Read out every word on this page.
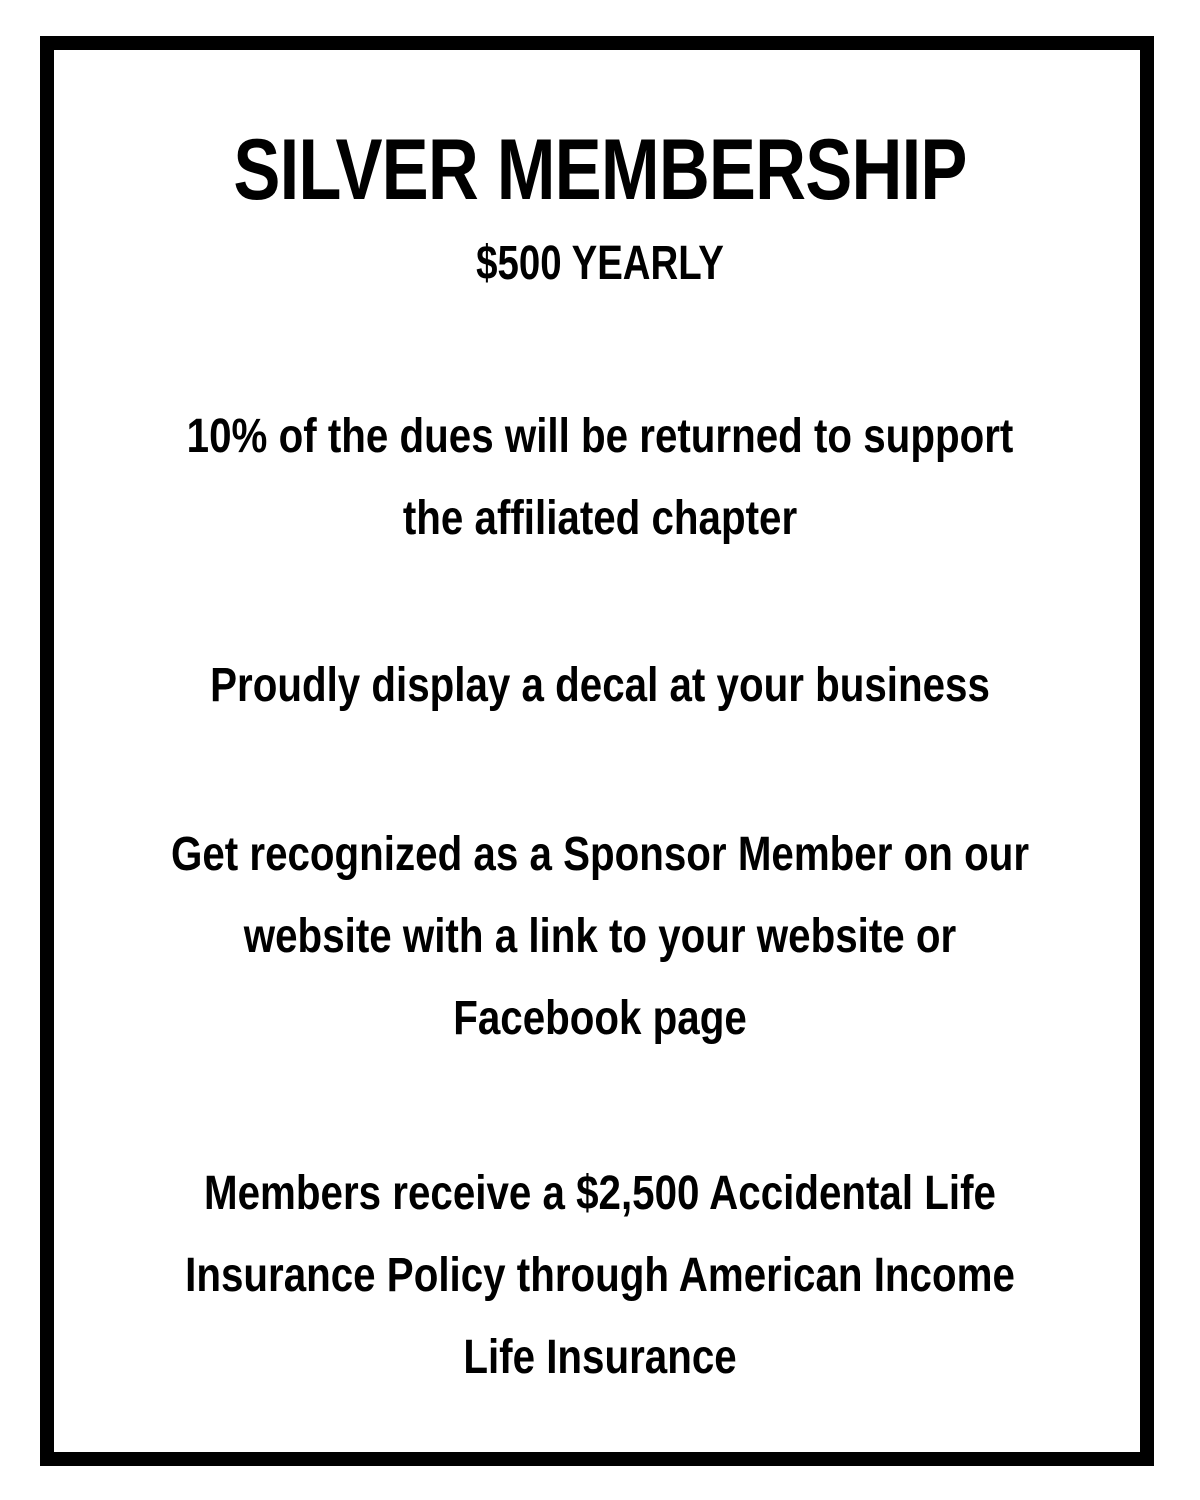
SILVER MEMBERSHIP
$500 YEARLY
10% of the dues will be returned to support
the affiliated chapter
Proudly display a decal at your business
Get recognized as a Sponsor Member on our
website with a link to your website or
Facebook page
Members receive a $2,500 Accidental Life
Insurance Policy through American Income
Life Insurance
